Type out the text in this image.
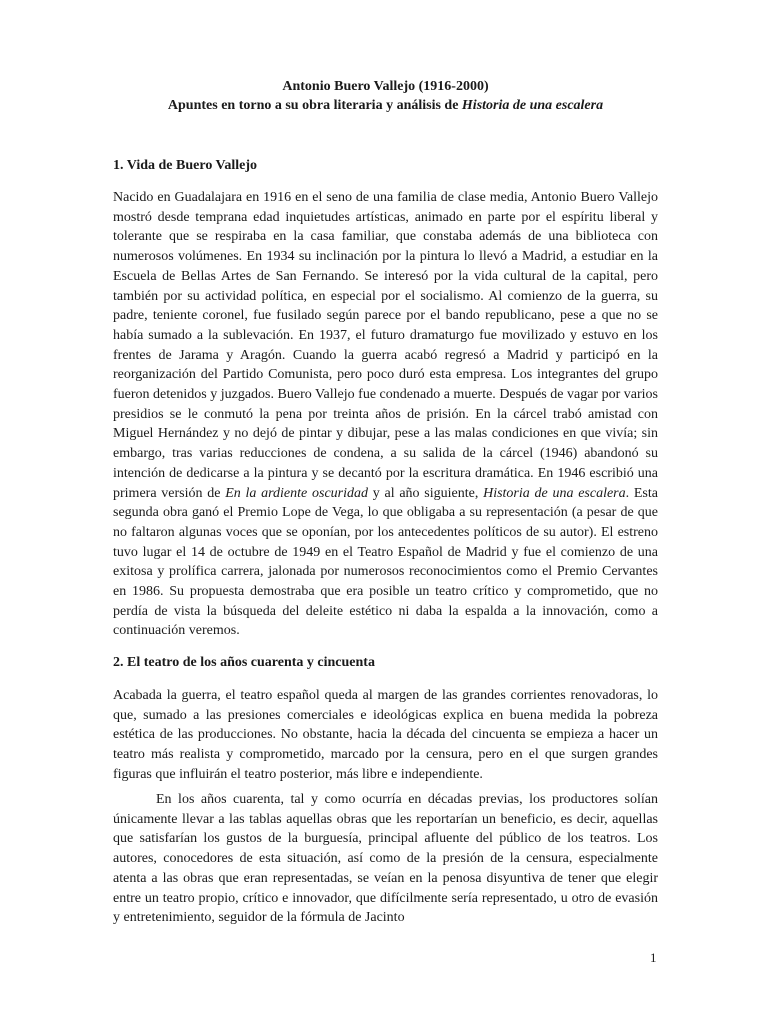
Antonio Buero Vallejo (1916-2000)
Apuntes en torno a su obra literaria y análisis de Historia de una escalera
1. Vida de Buero Vallejo

Nacido en Guadalajara en 1916 en el seno de una familia de clase media, Antonio Buero Vallejo mostró desde temprana edad inquietudes artísticas, animado en parte por el espíritu liberal y tolerante que se respiraba en la casa familiar, que constaba además de una biblioteca con numerosos volúmenes. En 1934 su inclinación por la pintura lo llevó a Madrid, a estudiar en la Escuela de Bellas Artes de San Fernando. Se interesó por la vida cultural de la capital, pero también por su actividad política, en especial por el socialismo. Al comienzo de la guerra, su padre, teniente coronel, fue fusilado según parece por el bando republicano, pese a que no se había sumado a la sublevación. En 1937, el futuro dramaturgo fue movilizado y estuvo en los frentes de Jarama y Aragón. Cuando la guerra acabó regresó a Madrid y participó en la reorganización del Partido Comunista, pero poco duró esta empresa. Los integrantes del grupo fueron detenidos y juzgados. Buero Vallejo fue condenado a muerte. Después de vagar por varios presidios se le conmutó la pena por treinta años de prisión. En la cárcel trabó amistad con Miguel Hernández y no dejó de pintar y dibujar, pese a las malas condiciones en que vivía; sin embargo, tras varias reducciones de condena, a su salida de la cárcel (1946) abandonó su intención de dedicarse a la pintura y se decantó por la escritura dramática. En 1946 escribió una primera versión de En la ardiente oscuridad y al año siguiente, Historia de una escalera. Esta segunda obra ganó el Premio Lope de Vega, lo que obligaba a su representación (a pesar de que no faltaron algunas voces que se oponían, por los antecedentes políticos de su autor). El estreno tuvo lugar el 14 de octubre de 1949 en el Teatro Español de Madrid y fue el comienzo de una exitosa y prolífica carrera, jalonada por numerosos reconocimientos como el Premio Cervantes en 1986. Su propuesta demostraba que era posible un teatro crítico y comprometido, que no perdía de vista la búsqueda del deleite estético ni daba la espalda a la innovación, como a continuación veremos.

2. El teatro de los años cuarenta y cincuenta

Acabada la guerra, el teatro español queda al margen de las grandes corrientes renovadoras, lo que, sumado a las presiones comerciales e ideológicas explica en buena medida la pobreza estética de las producciones. No obstante, hacia la década del cincuenta se empieza a hacer un teatro más realista y comprometido, marcado por la censura, pero en el que surgen grandes figuras que influirán el teatro posterior, más libre e independiente.

En los años cuarenta, tal y como ocurría en décadas previas, los productores solían únicamente llevar a las tablas aquellas obras que les reportarían un beneficio, es decir, aquellas que satisfarían los gustos de la burguesía, principal afluente del público de los teatros. Los autores, conocedores de esta situación, así como de la presión de la censura, especialmente atenta a las obras que eran representadas, se veían en la penosa disyuntiva de tener que elegir entre un teatro propio, crítico e innovador, que difícilmente sería representado, u otro de evasión y entretenimiento, seguidor de la fórmula de Jacinto

1
